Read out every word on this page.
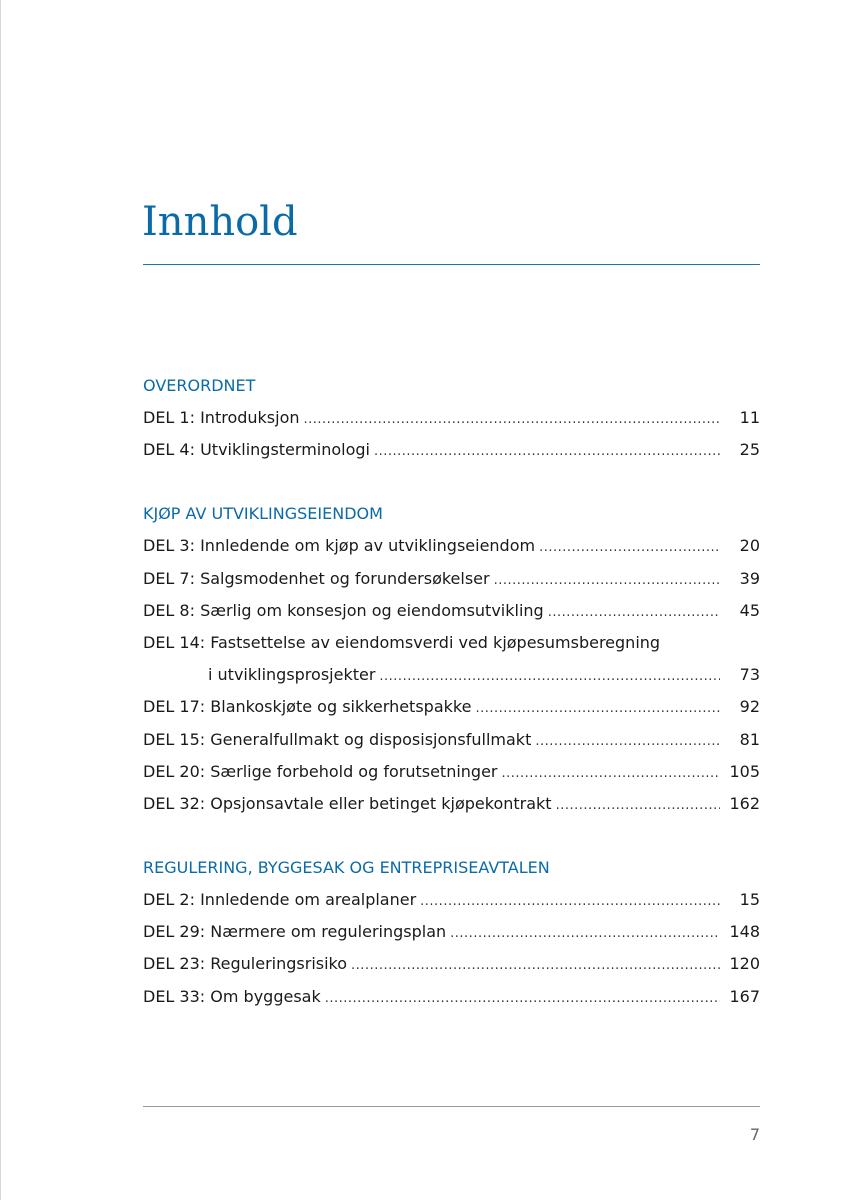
Innhold
OVERORDNET
DEL 1: Introduksjon .....	11
DEL 4: Utviklingsterminologi .....	25
KJØP AV UTVIKLINGSEIENDOM
DEL 3: Innledende om kjøp av utviklingseiendom .....	20
DEL 7: Salgsmodenhet og forundersøkelser .....	39
DEL 8: Særlig om konsesjon og eiendomsutvikling .....	45
DEL 14: Fastsettelse av eiendomsverdi ved kjøpesumsberegning
i utviklingsprosjekter .....	73
DEL 17: Blankoskjøte og sikkerhetspakke .....	92
DEL 15: Generalfullmakt og disposisjonsfullmakt .....	81
DEL 20: Særlige forbehold og forutsetninger .....	105
DEL 32: Opsjonsavtale eller betinget kjøpekontrakt .....	162
REGULERING, BYGGESAK OG ENTREPRISEAVTALEN
DEL 2: Innledende om arealplaner .....	15
DEL 29: Nærmere om reguleringsplan .....	148
DEL 23: Reguleringsrisiko .....	120
DEL 33: Om byggesak .....	167
7
